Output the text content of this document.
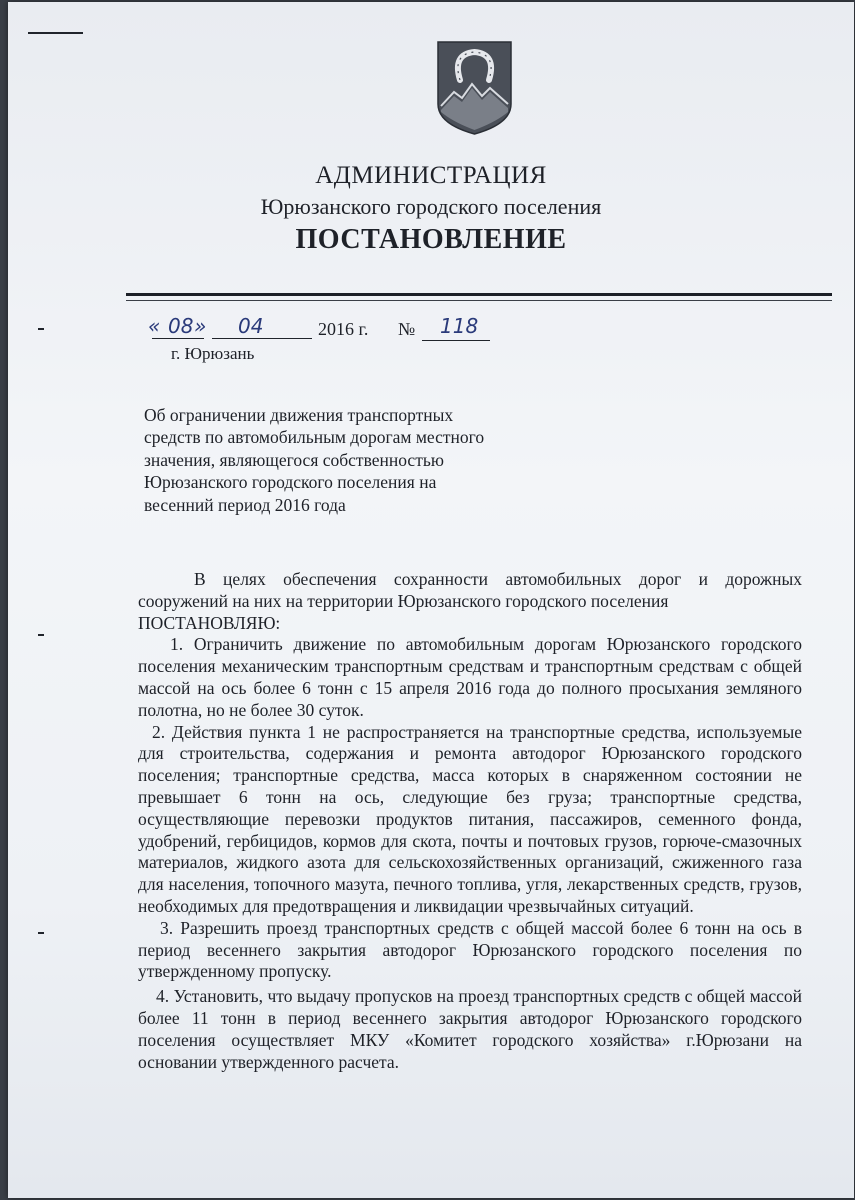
АДМИНИСТРАЦИЯ

Юрюзанского городского поселения

ПОСТАНОВЛЕНИЕ

« 08 » 04	2016 г. № 118
г. Юрюзань
Об ограничении движения транспортных
средств по автомобильным дорогам местного
значения, являющегося собственностью
Юрюзанского городского поселения на
весенний период 2016 года

В целях обеспечения сохранности автомобильных дорог и дорожных сооружений на них на территории Юрюзанского городского поселения

ПОСТАНОВЛЯЮ:

1. Ограничить движение по автомобильным дорогам Юрюзанского городского поселения механическим транспортным средствам и транспортным средствам с общей массой на ось более 6 тонн с 15 апреля 2016 года до полного просыхания земляного полотна, но не более 30 суток.

2. Действия пункта 1 не распространяется на транспортные средства, используемые для строительства, содержания и ремонта автодорог Юрюзанского городского поселения; транспортные средства, масса которых в снаряженном состоянии не превышает 6 тонн на ось, следующие без груза; транспортные средства, осуществляющие перевозки продуктов питания, пассажиров, семенного фонда, удобрений, гербицидов, кормов для скота, почты и почтовых грузов, горюче-смазочных материалов, жидкого азота для сельскохозяйственных организаций, сжиженного газа для населения, топочного мазута, печного топлива, угля, лекарственных средств, грузов, необходимых для предотвращения и ликвидации чрезвычайных ситуаций.

3. Разрешить проезд транспортных средств с общей массой более 6 тонн на ось в период весеннего закрытия автодорог Юрюзанского городского поселения по утвержденному пропуску.

4. Установить, что выдачу пропусков на проезд транспортных средств с общей массой более 11 тонн в период весеннего закрытия автодорог Юрюзанского городского поселения осуществляет МКУ «Комитет городского хозяйства» г.Юрюзани на основании утвержденного расчета.
